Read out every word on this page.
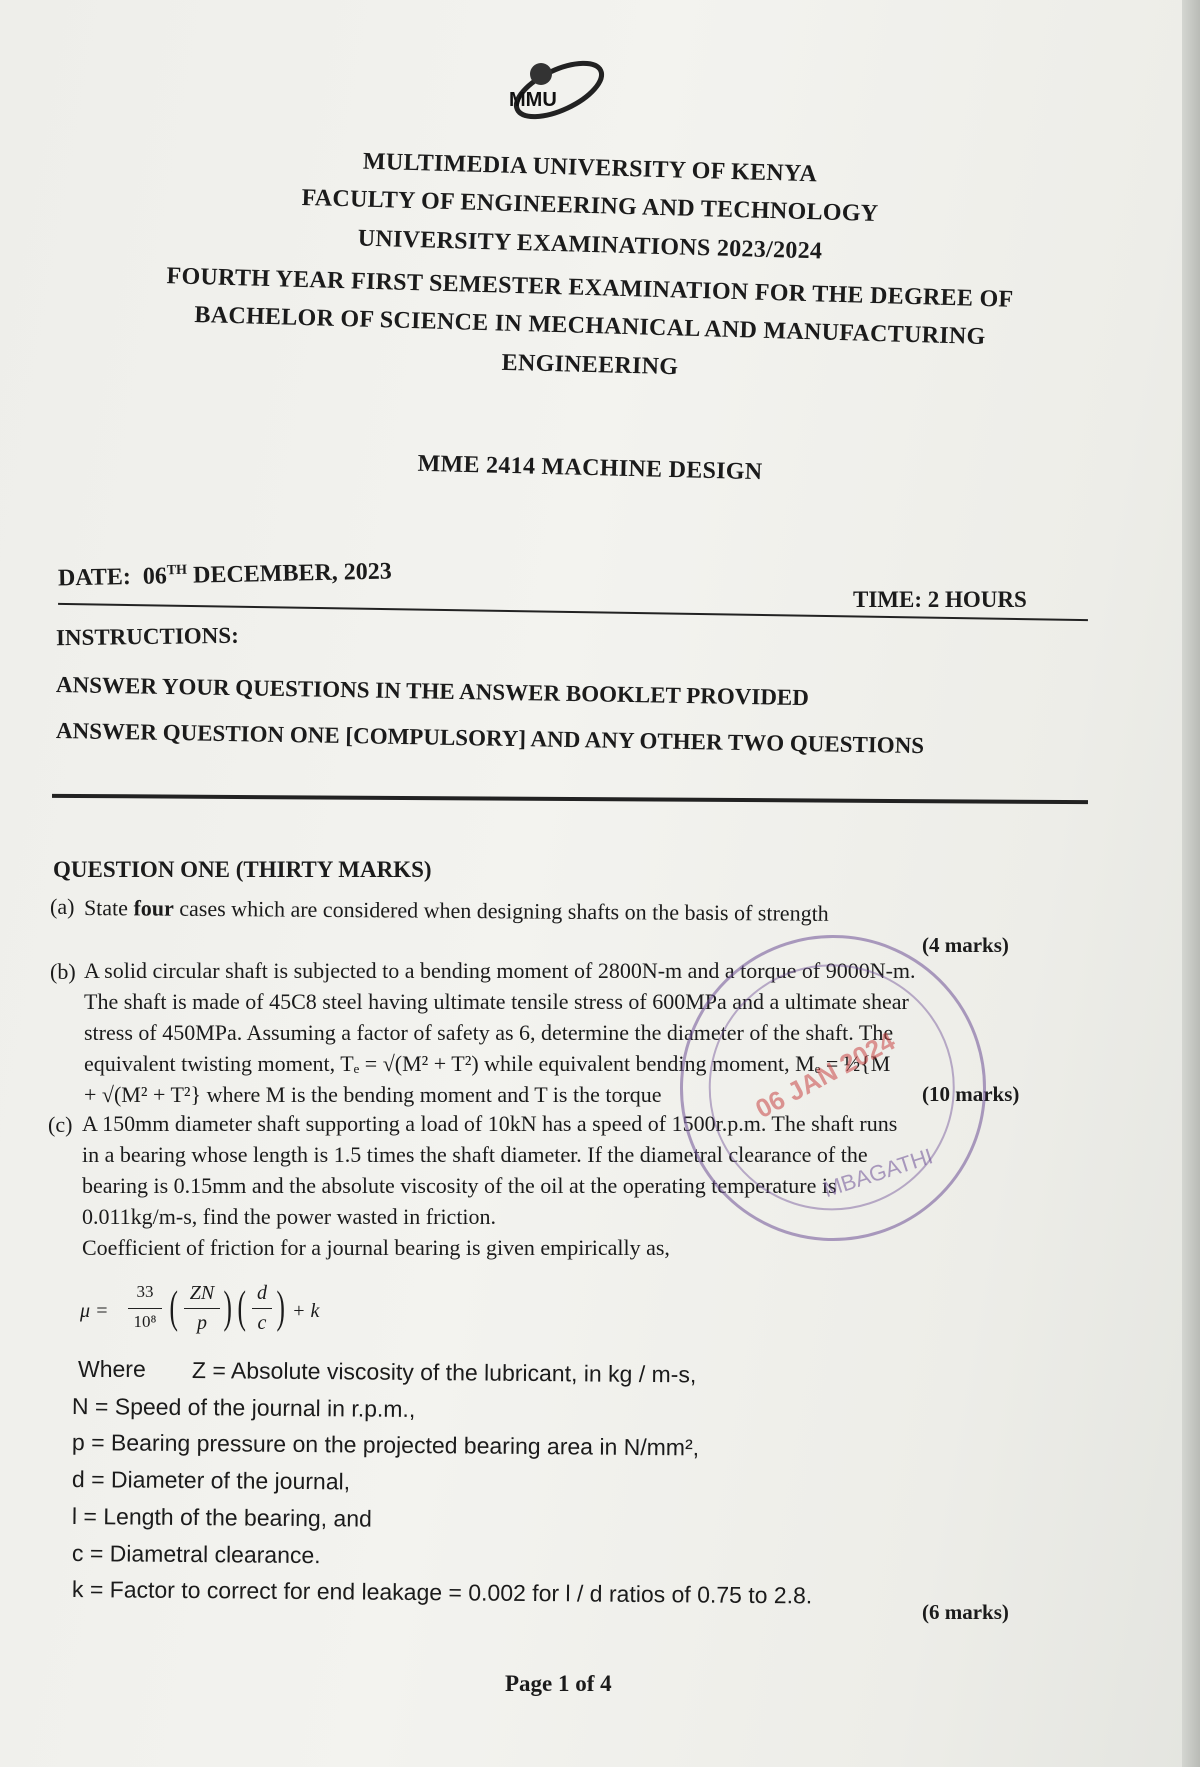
MMU
MULTIMEDIA UNIVERSITY OF KENYA
FACULTY OF ENGINEERING AND TECHNOLOGY
UNIVERSITY EXAMINATIONS 2023/2024
FOURTH YEAR FIRST SEMESTER EXAMINATION FOR THE DEGREE OF
BACHELOR OF SCIENCE IN MECHANICAL AND MANUFACTURING
ENGINEERING
MME 2414 MACHINE DESIGN
DATE: 06TH DECEMBER, 2023
TIME: 2 HOURS
INSTRUCTIONS:
ANSWER YOUR QUESTIONS IN THE ANSWER BOOKLET PROVIDED
ANSWER QUESTION ONE [COMPULSORY] AND ANY OTHER TWO QUESTIONS
QUESTION ONE (THIRTY MARKS)
(a) State four cases which are considered when designing shafts on the basis of strength
(4 marks)
(b) A solid circular shaft is subjected to a bending moment of 2800N-m and a torque of 9000N-m.

The shaft is made of 45C8 steel having ultimate tensile stress of 600MPa and a ultimate shear

stress of 450MPa. Assuming a factor of safety as 6, determine the diameter of the shaft. The

equivalent twisting moment, Tₑ = √(M² + T²) while equivalent bending moment, Mₑ = ½{M

+ √(M² + T²} where M is the bending moment and T is the torque	(10 marks)
(c) A 150mm diameter shaft supporting a load of 10kN has a speed of 1500r.p.m. The shaft runs

in a bearing whose length is 1.5 times the shaft diameter. If the diametral clearance of the

bearing is 0.15mm and the absolute viscosity of the oil at the operating temperature is

0.011kg/m-s, find the power wasted in friction.

Coefficient of friction for a journal bearing is given empirically as,

μ =
33
10⁸ ( ZN
p ) ( d
c ) + k
Where Z = Absolute viscosity of the lubricant, in kg / m-s,
N = Speed of the journal in r.p.m.,
p = Bearing pressure on the projected bearing area in N/mm²,
d = Diameter of the journal,
l = Length of the bearing, and
c = Diametral clearance.
k = Factor to correct for end leakage = 0.002 for l / d ratios of 0.75 to 2.8.
(6 marks)
06 JAN 2024
MBAGATHI
Page 1 of 4
